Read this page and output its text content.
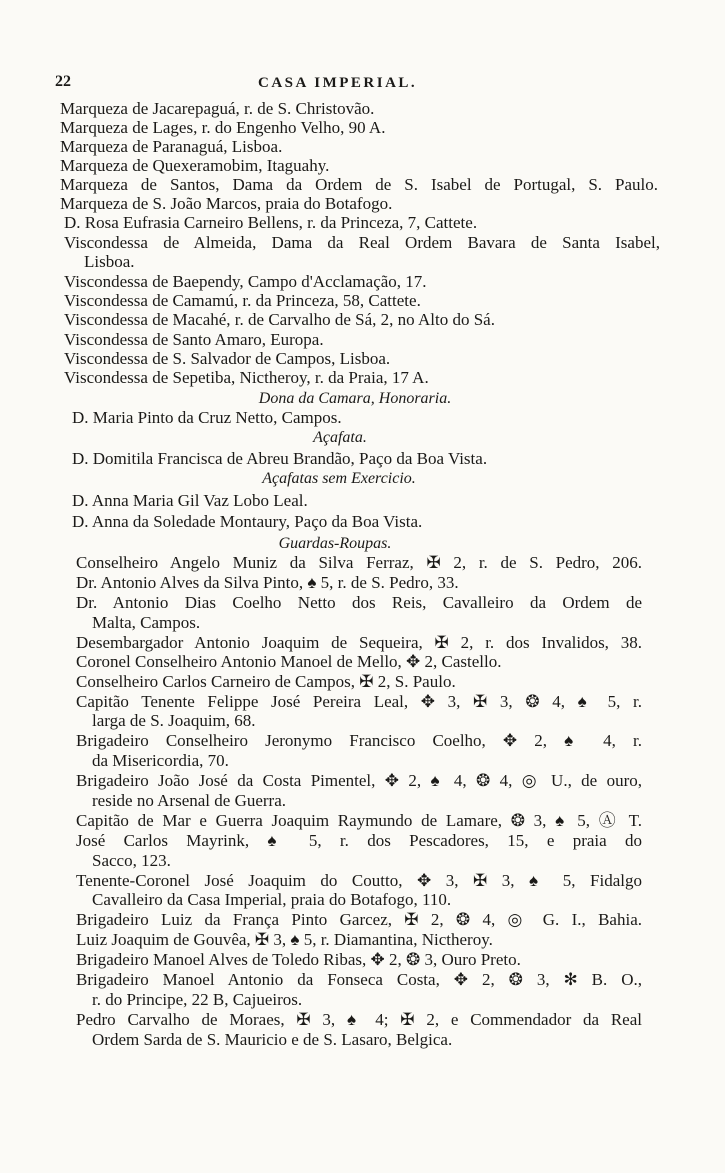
22	CASA IMPERIAL.
Marqueza de Jacarepaguá, r. de S. Christovão.
Marqueza de Lages, r. do Engenho Velho, 90 A.
Marqueza de Paranaguá, Lisboa.
Marqueza de Quexeramobim, Itaguahy.
Marqueza de Santos, Dama da Ordem de S. Isabel de Portugal, S. Paulo.
Marqueza de S. João Marcos, praia do Botafogo.
D. Rosa Eufrasia Carneiro Bellens, r. da Princeza, 7, Cattete.
Viscondessa de Almeida, Dama da Real Ordem Bavara de Santa Isabel,
Lisboa.
Viscondessa de Baependy, Campo d'Acclamação, 17.
Viscondessa de Camamú, r. da Princeza, 58, Cattete.
Viscondessa de Macahé, r. de Carvalho de Sá, 2, no Alto do Sá.
Viscondessa de Santo Amaro, Europa.
Viscondessa de S. Salvador de Campos, Lisboa.
Viscondessa de Sepetiba, Nictheroy, r. da Praia, 17 A.
Dona da Camara, Honoraria.
D. Maria Pinto da Cruz Netto, Campos.
Açafata.
D. Domitila Francisca de Abreu Brandão, Paço da Boa Vista.
Açafatas sem Exercicio.
D. Anna Maria Gil Vaz Lobo Leal.
D. Anna da Soledade Montaury, Paço da Boa Vista.
Guardas-Roupas.
Conselheiro Angelo Muniz da Silva Ferraz, ✠ 2, r. de S. Pedro, 206.
Dr. Antonio Alves da Silva Pinto, ♠ 5, r. de S. Pedro, 33.
Dr. Antonio Dias Coelho Netto dos Reis, Cavalleiro da Ordem de
Malta, Campos.
Desembargador Antonio Joaquim de Sequeira, ✠ 2, r. dos Invalidos, 38.
Coronel Conselheiro Antonio Manoel de Mello, ✥ 2, Castello.
Conselheiro Carlos Carneiro de Campos, ✠ 2, S. Paulo.
Capitão Tenente Felippe José Pereira Leal, ✥ 3, ✠ 3, ❂ 4, ♠ 5, r.
larga de S. Joaquim, 68.
Brigadeiro Conselheiro Jeronymo Francisco Coelho, ✥ 2, ♠ 4, r.
da Misericordia, 70.
Brigadeiro João José da Costa Pimentel, ✥ 2, ♠ 4, ❂ 4, ◎ U., de ouro,
reside no Arsenal de Guerra.
Capitão de Mar e Guerra Joaquim Raymundo de Lamare, ❂ 3, ♠ 5, Ⓐ T.
José Carlos Mayrink, ♠ 5, r. dos Pescadores, 15, e praia do
Sacco, 123.
Tenente-Coronel José Joaquim do Coutto, ✥ 3, ✠ 3, ♠ 5, Fidalgo
Cavalleiro da Casa Imperial, praia do Botafogo, 110.
Brigadeiro Luiz da França Pinto Garcez, ✠ 2, ❂ 4, ◎ G. I., Bahia.
Luiz Joaquim de Gouvêa, ✠ 3, ♠ 5, r. Diamantina, Nictheroy.
Brigadeiro Manoel Alves de Toledo Ribas, ✥ 2, ❂ 3, Ouro Preto.
Brigadeiro Manoel Antonio da Fonseca Costa, ✥ 2, ❂ 3, ✻ B. O.,
r. do Principe, 22 B, Cajueiros.
Pedro Carvalho de Moraes, ✠ 3, ♠ 4; ✠ 2, e Commendador da Real
Ordem Sarda de S. Mauricio e de S. Lasaro, Belgica.
